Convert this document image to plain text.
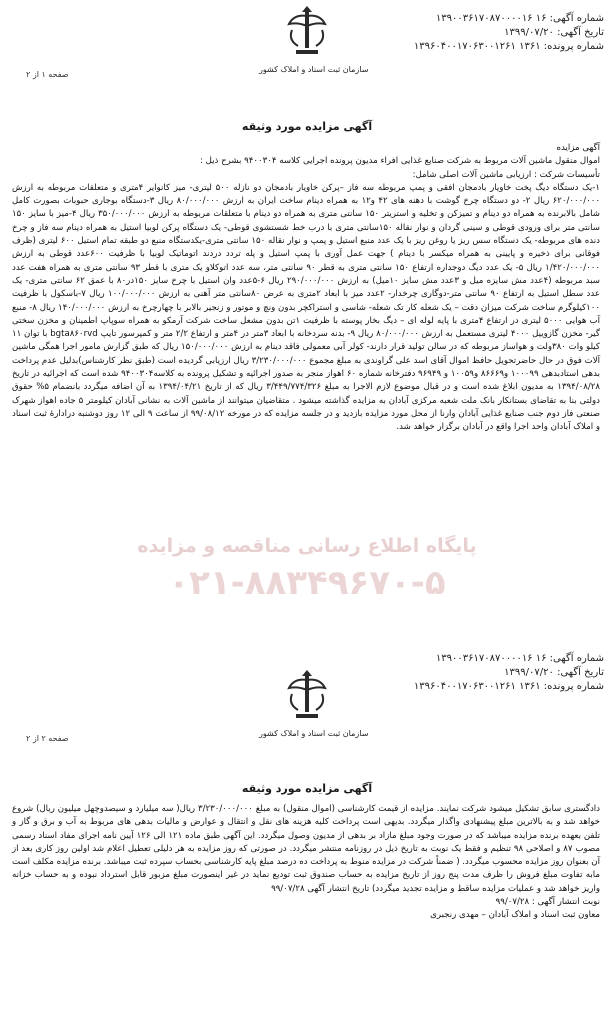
شماره آگهی: ۱۶ ۱۳۹۰۰۳۶۱۷۰۸۷۰۰۰۰۱۶
تاریخ آگهی: ۱۳۹۹/۰۷/۲۰
شماره پرونده: ۱۳۶۱ ۱۳۹۶۰۴۰۰۱۷۰۶۳۰۰۱۲۶۱
سازمان ثبت اسناد و املاک کشور
صفحه ۱ از ۲
آگهی مزایده مورد وثیقه

آگهی مزایده

اموال منقول ماشین آلات مربوط به شرکت صنایع غذایی افراء مدیون پرونده اجرایی کلاسه ۹۴۰۰۳۰۴ بشرح ذیل :

تأسیسات شرکت : ارزیابی ماشین آلات اصلی شامل:

۱-یک دستگاه دیگ پخت خاویار بادمجان افقی و پمپ مربوطه سه فاز –پرکن خاویار بادمجان دو نازله ۵۰۰ لیتری- میز کانوایر ۴متری و متعلقات مربوطه به ارزش ۶۲۰/۰۰۰/۰۰۰ ریال ۲- دو دستگاه چرخ گوشت با دهنه های ۴۲ و۱۲ به همراه دینام ساخت ایران به ارزش ۸۰/۰۰۰/۰۰۰ ریال ۳-دستگاه بوجاری حبوبات بصورت کامل شامل بالابرنده به همراه دو دینام و تمیزکن و تخلیه و استریتر ۱۵۰ سانتی متری به همراه دو دینام با متعلقات مربوطه به ارزش ۳۵۰/۰۰۰/۰۰۰ ریال ۴-میز با سایز ۱۵۰ سانتی متر برای ورودی قوطی و سینی گردان و نوار نقاله ۱۵۰سانتی متری با درب خط شستشوی قوطی- یک دستگاه پرکن لوبیا استیل به همراه دینام سه فاز و چرخ دنده های مربوطه- یک دستگاه سس ریز یا روغن ریز با یک عدد منبع استیل و پمپ و نوار نقاله ۱۵۰ سانتی متری-یکدستگاه منبع دو طبقه تمام استیل ۶۰۰ لیتری (ظرف فوقانی برای ذخیره و پایینی به همراه میکسر با دینام ) جهت عمل آوری با پمپ استیل و پله تردد دردند اتوماتیک لوبیا با ظرفیت ۶۰۰عدد قوطی به ارزش ۱/۴۲۰/۰۰۰/۰۰۰ ریال ۵- یک عدد دیگ دوجداره ارتفاع ۱۵۰ سانتی متری به قطر ۹۰ سانتی متر، سه عدد اتوکلاو یک متری با قطر ۹۳ سانتی متری به همراه هفت عدد سبد مربوطه (۴عدد مش سایزه میل و ۳عدد مش سایز ۱۰میل) به ارزش ۲۹۰/۰۰۰/۰۰۰ ریال ۶-۵عدد وان استیل با چرخ سایز ۱۵۰در۸۰ با عمق ۶۲ سانتی متری- یک عدد سطل استیل به ارتفاع ۹۰ سانتی متر-دوگاری چرخدار- ۲عدد میز با ابعاد ۲متری به عرض ۸۰سانتی متر آهنی به ارزش ۱۰۰/۰۰۰/۰۰۰ ریال ۷-باسکول با ظرفیت ۱۰۰کیلوگرم ساخت شرکت میزان دقت – یک شعله کار تک شعله- شاسی و استراکچر بدون ونچ و موتور و زنجیر بالابر با چهارچرخ به ارزش ۱۴۰/۰۰۰/۰۰۰ ریال ۸- منبع آب هوایی ۵۰۰۰ لیتری در ارتفاع ۴متری با پایه لوله ای – دیگ بخار پوسته با ظرفیت ۱تن بدون مشعل ساخت شرکت آرمکو به همراه سوپاپ اطمینان و مخزن سختی گیر- مخزن گازوییل ۴۰۰۰ لیتری مستعمل به ارزش ۸۰/۰۰۰/۰۰۰ ریال ۹- بدنه سردخانه با ابعاد ۳متر در ۴متر و ارتفاع ۲/۲ متر و کمپرسور تایپ bgta۸۶۰rvd با توان ۱۱ کیلو وات ۳۸۰ولت و هواساز مربوطه که در سالن تولید قرار دارند- کولر آبی معمولی فاقد دینام به ارزش ۱۵۰/۰۰۰/۰۰۰ ریال که طبق گزارش مامور اجرا همگی ماشین آلات فوق در حال حاضرتحویل حافظ اموال آقای اسد علی گراوندی به مبلغ مجموع ۳/۲۳۰/۰۰۰/۰۰۰ ریال ارزیابی گردیده است (طبق نظر کارشناس)بدلیل عدم پرداخت بدهی استادبدهی ۱۰۰۰۹۹ و۸۶۶۶۹ و۱۰۰۵۹ و ۹۶۹۴۹ دفترخانه شماره ۶۰ اهواز منجر به صدور اجرائیه و تشکیل پرونده به کلاسه۹۴۰۰۳۰۴ شده است که اجرائیه در تاریخ ۱۳۹۴/۰۸/۲۸ به مدیون ابلاغ شده است و در قبال موضوع لازم الاجرا به مبلغ ۳/۴۴۹/۷۷۴/۳۲۶ ریال که از تاریخ ۱۳۹۴/۰۴/۲۱ به آن اضافه میگردد بانضمام ۵% حقوق دولتی بنا به تقاضای بستانکار بانک ملت شعبه مرکزی آبادان به مزایده گذاشته میشود . متقاضیان میتوانند از ماشین آلات به نشانی آبادان کیلومتر ۵ جاده اهواز شهرک صنعتی فاز دوم جنب صنایع غذایی آبادان وارنا از محل مورد مزایده بازدید و در جلسه مزایده که در مورخه ۹۹/۰۸/۱۲ از ساعت ۹ الی ۱۲ روز دوشنبه درادارهٔ ثبت اسناد و املاک آبادان واحد اجرا واقع در آبادان برگزار خواهد شد.

پایگاه اطلاع رسانی مناقصه و مزایده
۰۲۱-۸۸۳۴۹۶۷۰-۵
شماره آگهی: ۱۶ ۱۳۹۰۰۳۶۱۷۰۸۷۰۰۰۰۱۶
تاریخ آگهی: ۱۳۹۹/۰۷/۲۰
شماره پرونده: ۱۳۶۱ ۱۳۹۶۰۴۰۰۱۷۰۶۳۰۰۱۲۶۱
سازمان ثبت اسناد و املاک کشور
صفحه ۲ از ۲
آگهی مزایده مورد وثیقه

دادگستری سابق تشکیل میشود شرکت نمایند. مزایده از قیمت کارشناسی (اموال منقول) به مبلغ ۳/۲۳۰/۰۰۰/۰۰۰ ریال( سه میلیارد و سیصدوچهل میلیون ریال) شروع خواهد شد و به بالاترین مبلغ پیشنهادی واگذار میگردد. بدیهی است پرداخت کلیه هزینه های نقل و انتقال و عوارض و مالیات بدهی های مربوط به آب و برق و گاز و تلفن بعهده برنده مزایده میباشد که در صورت وجود مبلغ مازاد بر بدهی از مدیون وصول میگردد. این آگهی طبق ماده ۱۲۱ الی ۱۲۶ آیین نامه اجرای مفاد اسناد رسمی مصوب ۸۷ و اصلاحی ۹۸ تنظیم و فقط یک نوبت به تاریخ ذیل در روزنامه منتشر میگردد. در صورتی که روز مزایده به هر دلیلی تعطیل اعلام شد اولین روز کاری بعد از آن بعنوان روز مزایده محسوب میگردد. ( ضمناً شرکت در مزایده منوط به پرداخت ده درصد مبلغ پایه کارشناسی بحساب سپرده ثبت میباشد. برنده مزایده مکلف است مابه تفاوت مبلغ فروش را ظرف مدت پنج روز از تاریخ مزایده به حساب صندوق ثبت تودیع نماید در غیر اینصورت مبلغ مزبور قابل استرداد نبوده و به حساب خزانه واریز خواهد شد و عملیات مزایده ساقط و مزایده تجدید میگردد) تاریخ انتشار آگهی ۹۹/۰۷/۲۸

نوبت انتشار آگهی : ۹۹/۰۷/۲۸

معاون ثبت اسناد و املاک آبادان – مهدی رنجبری
